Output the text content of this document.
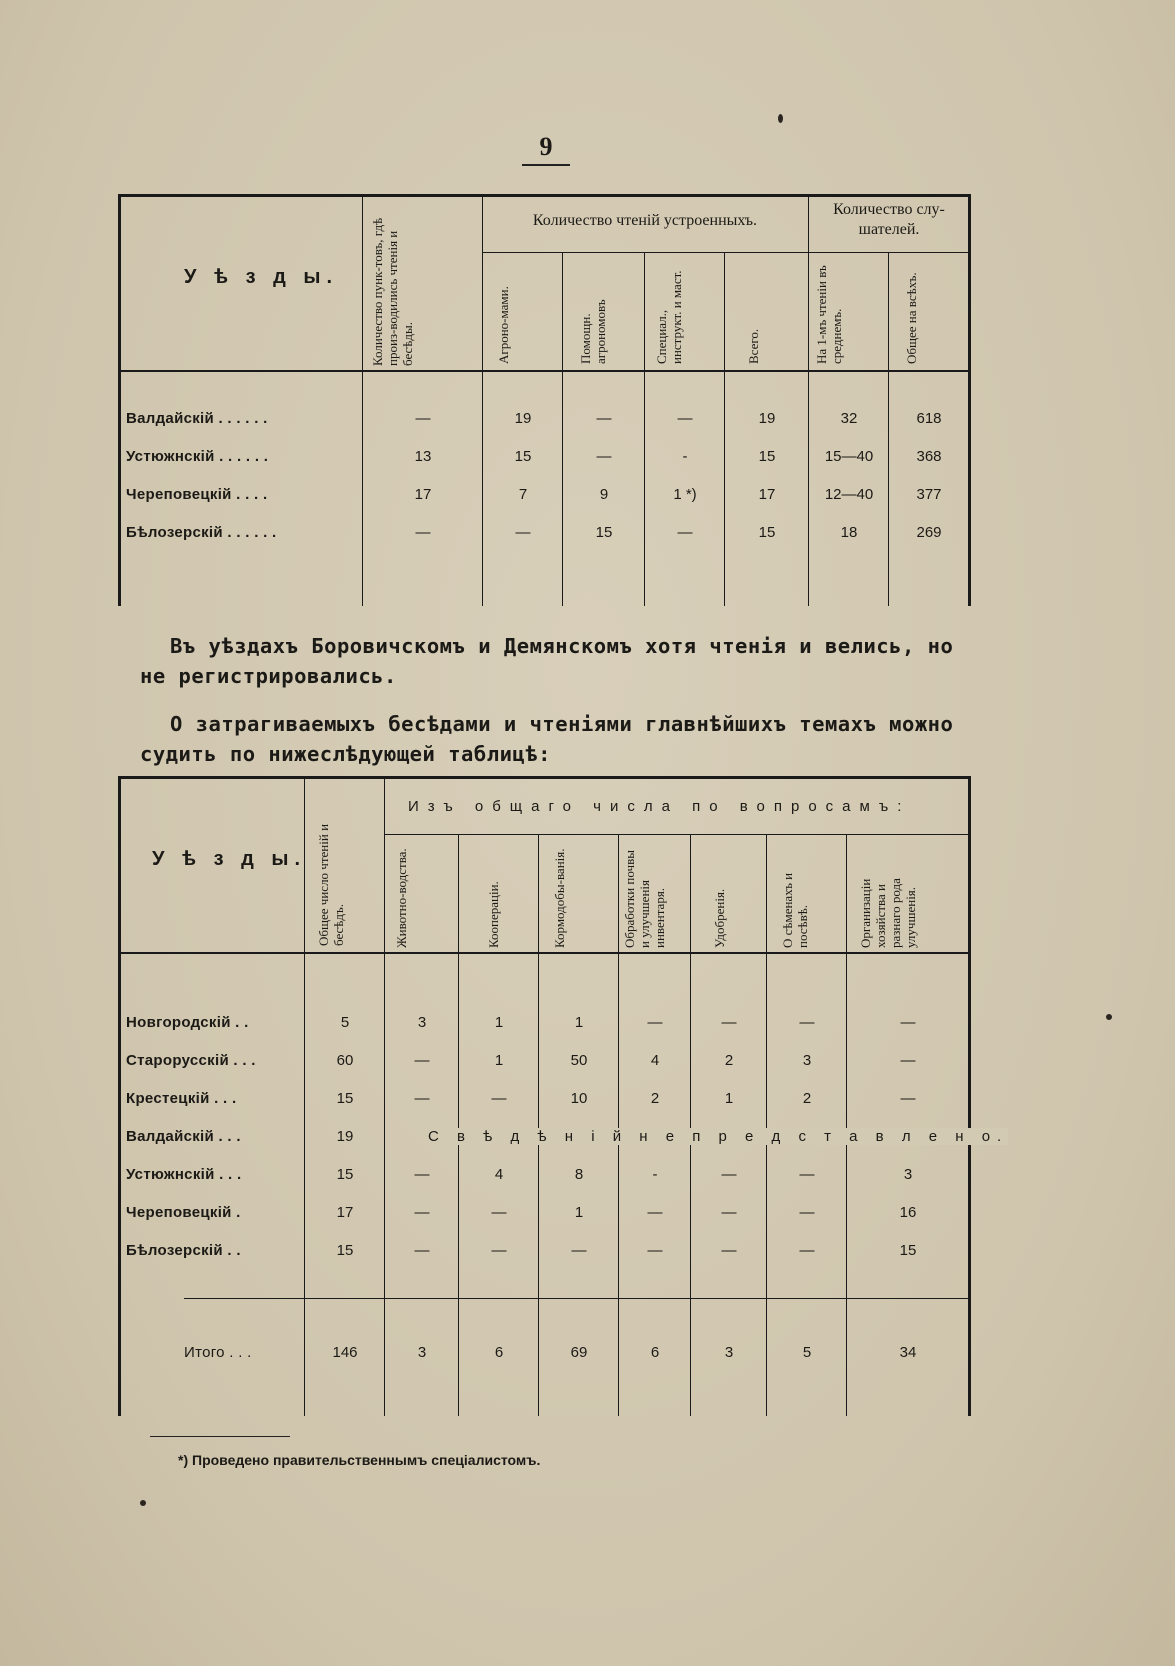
9
У ѣ з д ы. Количество пунк-товъ, гдѣ произ-водились чтенія и бесѣды.
Количество чтеній устроенныхъ.
Агроно-мами.	Помощн. агрономовъ	Специал., инструкт. и маст.	Всего.
Количество слу-шателей.
На 1-мъ чтеніи въ среднемъ.	Общее на всѣхъ.
Валдайскій . . . . . .	—	19	—	—	19	32	618
Устюжнскій . . . . . .	13	15	—	-	15	15—40	368
Череповецкій . . . .	17	7	9	1 *)	17	12—40	377
Бѣлозерскій . . . . . .	—	—	15	—	15	18	269
Въ уѣздахъ Боровичскомъ и Демянскомъ хотя чтенія и велись, но
не регистрировались.
О затрагиваемыхъ бесѣдами и чтеніями главнѣйшихъ темахъ можно
судить по нижеслѣдующей таблицѣ:
У ѣ з д ы. Общее число чтеній и бесѣдъ.
Изъ общаго числа по вопросамъ:
Животно-водства.	Коопераціи.	Кормодобы-ванія.	Обработки почвы и улучшенія инвентаря.	Удобренія.	О сѣменахъ и посѣвѣ.	Организаціи хозяйства и разнаго рода улучшенія.
Новгородскій . .	5	3	1	1	—	—	—	—
Старорусскій . . .	60	—	1	50	4	2	3	—
Крестецкій . . .	15	—	—	10	2	1	2	—
Валдайскій . . .	19	С в ѣ д ѣ н і й н е п р е д с т а в л е н о.
Устюжнскій . . .	15	—	4	8	-	—	—	3
Череповецкій .	17	—	—	1	—	—	—	16
Бѣлозерскій . .	15	—	—	—	—	—	—	15
Итого . . .	146	3	6	69	6	3	5	34
*) Проведено правительственнымъ спеціалистомъ.
